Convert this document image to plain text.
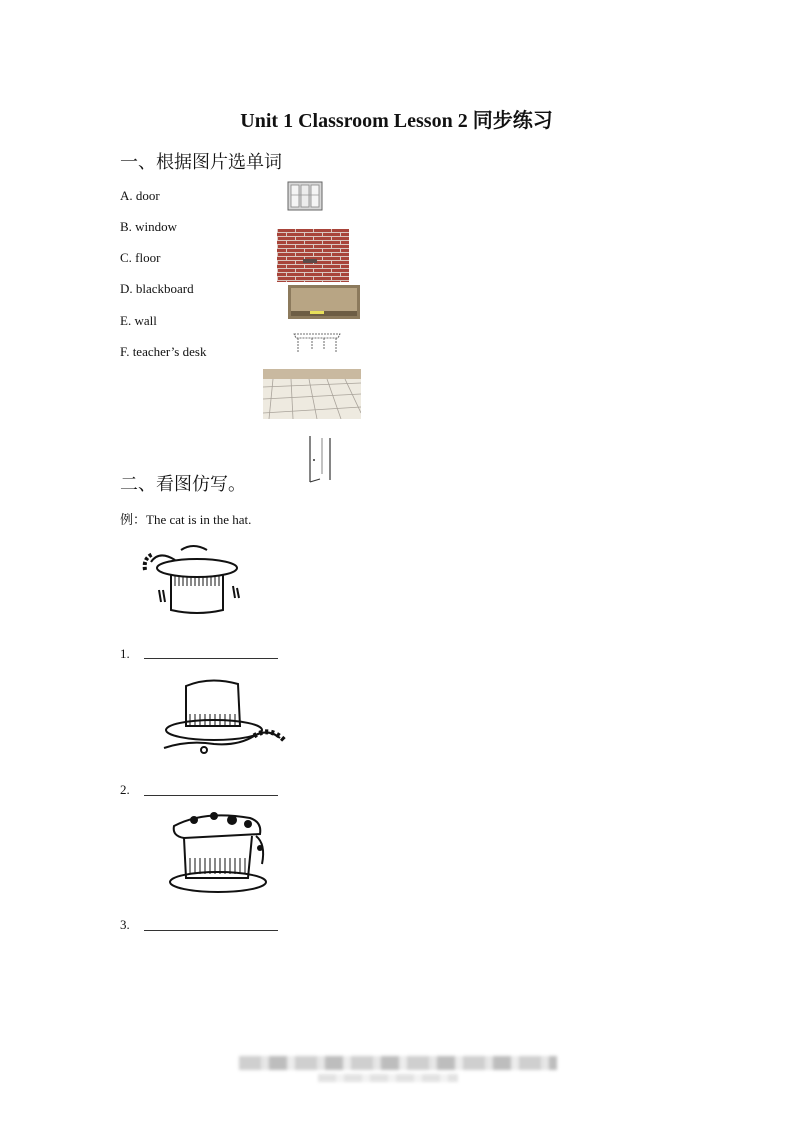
Unit 1 Classroom Lesson 2 同步练习
一、根据图片选单词
A. door
B. window
C. floor
D. blackboard
E. wall
F. teacher’s desk
二、看图仿写。
例：The cat is in the hat.
1.
2.
3.
